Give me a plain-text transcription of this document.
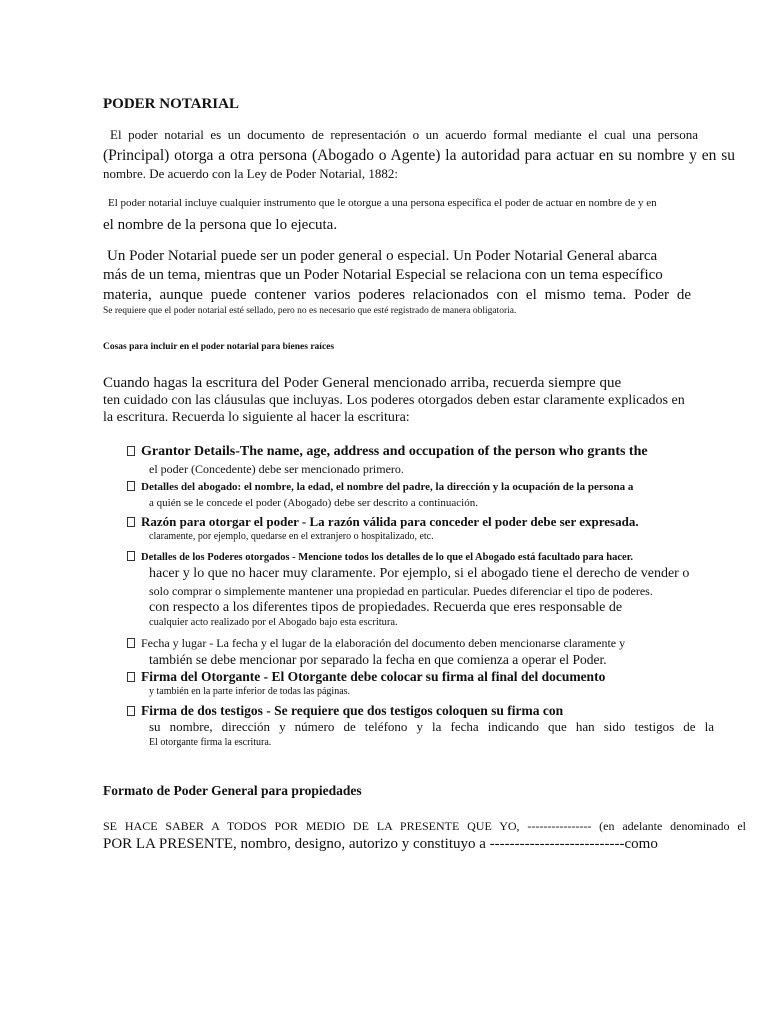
PODER NOTARIAL
El poder notarial es un documento de representación o un acuerdo formal mediante el cual una persona
(Principal) otorga a otra persona (Abogado o Agente) la autoridad para actuar en su nombre y en su
nombre. De acuerdo con la Ley de Poder Notarial, 1882:
El poder notarial incluye cualquier instrumento que le otorgue a una persona específica el poder de actuar en nombre de y en
el nombre de la persona que lo ejecuta.
Un Poder Notarial puede ser un poder general o especial. Un Poder Notarial General abarca
más de un tema, mientras que un Poder Notarial Especial se relaciona con un tema específico
materia, aunque puede contener varios poderes relacionados con el mismo tema. Poder de
Se requiere que el poder notarial esté sellado, pero no es necesario que esté registrado de manera obligatoria.
Cosas para incluir en el poder notarial para bienes raíces
Cuando hagas la escritura del Poder General mencionado arriba, recuerda siempre que
ten cuidado con las cláusulas que incluyas. Los poderes otorgados deben estar claramente explicados en
la escritura. Recuerda lo siguiente al hacer la escritura:
Grantor Details-The name, age, address and occupation of the person who grants the
el poder (Concedente) debe ser mencionado primero.
Detalles del abogado: el nombre, la edad, el nombre del padre, la dirección y la ocupación de la persona a
a quién se le concede el poder (Abogado) debe ser descrito a continuación.
Razón para otorgar el poder - La razón válida para conceder el poder debe ser expresada.
claramente, por ejemplo, quedarse en el extranjero o hospitalizado, etc.
Detalles de los Poderes otorgados - Mencione todos los detalles de lo que el Abogado está facultado para hacer.
hacer y lo que no hacer muy claramente. Por ejemplo, si el abogado tiene el derecho de vender o
solo comprar o simplemente mantener una propiedad en particular. Puedes diferenciar el tipo de poderes.
con respecto a los diferentes tipos de propiedades. Recuerda que eres responsable de
cualquier acto realizado por el Abogado bajo esta escritura.
Fecha y lugar - La fecha y el lugar de la elaboración del documento deben mencionarse claramente y
también se debe mencionar por separado la fecha en que comienza a operar el Poder.
Firma del Otorgante - El Otorgante debe colocar su firma al final del documento
y también en la parte inferior de todas las páginas.
Firma de dos testigos - Se requiere que dos testigos coloquen su firma con
su nombre, dirección y número de teléfono y la fecha indicando que han sido testigos de la
El otorgante firma la escritura.
Formato de Poder General para propiedades
SE HACE SABER A TODOS POR MEDIO DE LA PRESENTE QUE YO, ---------------- (en adelante denominado el
POR LA PRESENTE, nombro, designo, autorizo y constituyo a ---------------------------como
